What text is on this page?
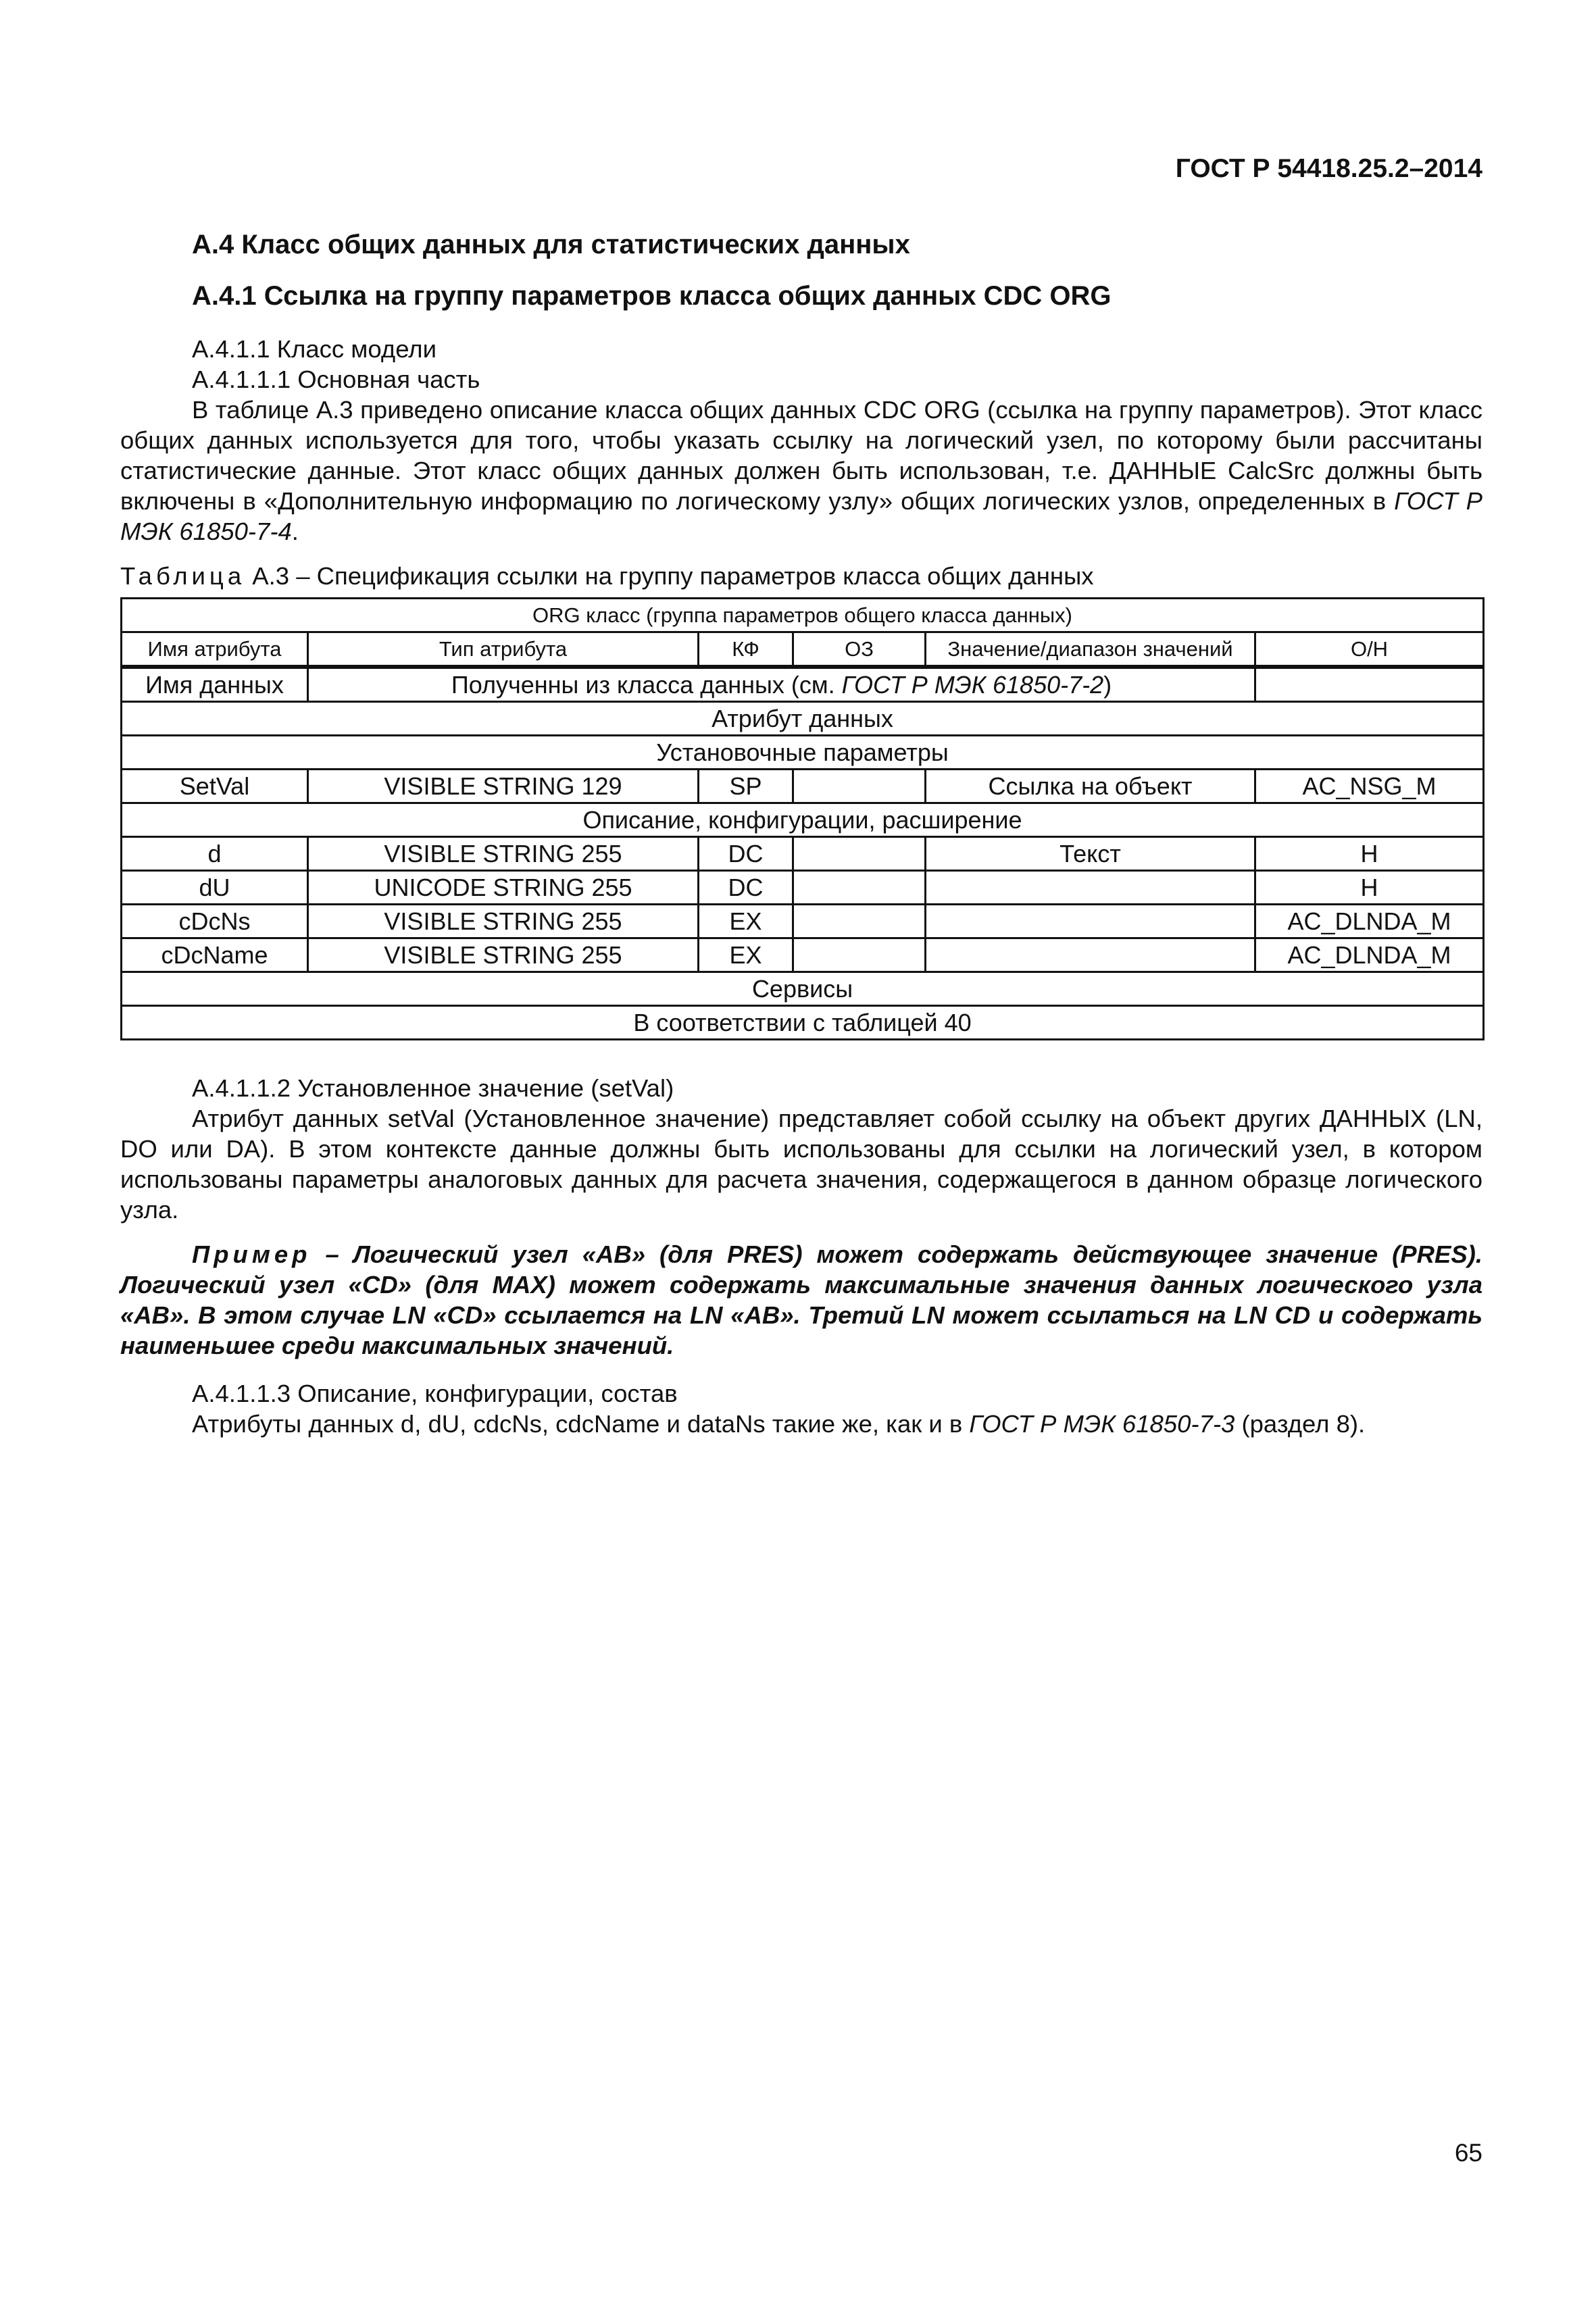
ГОСТ Р 54418.25.2–2014
А.4 Класс общих данных для статистических данных
А.4.1 Ссылка на группу параметров класса общих данных CDC ORG
А.4.1.1 Класс модели
А.4.1.1.1 Основная часть
В таблице А.3 приведено описание класса общих данных CDC ORG (ссылка на группу параметров). Этот класс общих данных используется для того, чтобы указать ссылку на логический узел, по которому были рассчитаны статистические данные. Этот класс общих данных должен быть использован, т.е. ДАННЫЕ CalcSrc должны быть включены в «Дополнительную информацию по логическому узлу» общих логических узлов, определенных в ГОСТ Р МЭК 61850-7-4.
Таблица А.3 – Спецификация ссылки на группу параметров класса общих данных
ORG класс (группа параметров общего класса данных)					
Имя атрибута	Тип атрибута	КФ	ОЗ	Значение/диапазон значений	О/Н
Имя данных	Полученны из класса данных (см. ГОСТ Р МЭК 61850-7-2)				
Атрибут данных					
Установочные параметры					
SetVal	VISIBLE STRING 129	SP		Ссылка на объект	AC_NSG_M
Описание, конфигурации, расширение					
d	VISIBLE STRING 255	DC		Текст	Н
dU	UNICODE STRING 255	DC			Н
cDcNs	VISIBLE STRING 255	EX			AC_DLNDA_M
cDcName	VISIBLE STRING 255	EX			AC_DLNDA_M
Сервисы					
В соответствии с таблицей 40					
А.4.1.1.2 Установленное значение (setVal)
Атрибут данных setVal (Установленное значение) представляет собой ссылку на объект других ДАННЫХ (LN, DO или DA). В этом контексте данные должны быть использованы для ссылки на логический узел, в котором использованы параметры аналоговых данных для расчета значения, содержащегося в данном образце логического узла.
Пример – Логический узел «AB» (для PRES) может содержать действующее значение (PRES). Логический узел «CD» (для MAX) может содержать максимальные значения данных логического узла «AB». В этом случае LN «CD» ссылается на LN «AB». Третий LN может ссылаться на LN CD и содержать наименьшее среди максимальных значений.
А.4.1.1.3 Описание, конфигурации, состав
Атрибуты данных d, dU, cdcNs, cdcName и dataNs такие же, как и в ГОСТ Р МЭК 61850-7-3 (раздел 8).
65
